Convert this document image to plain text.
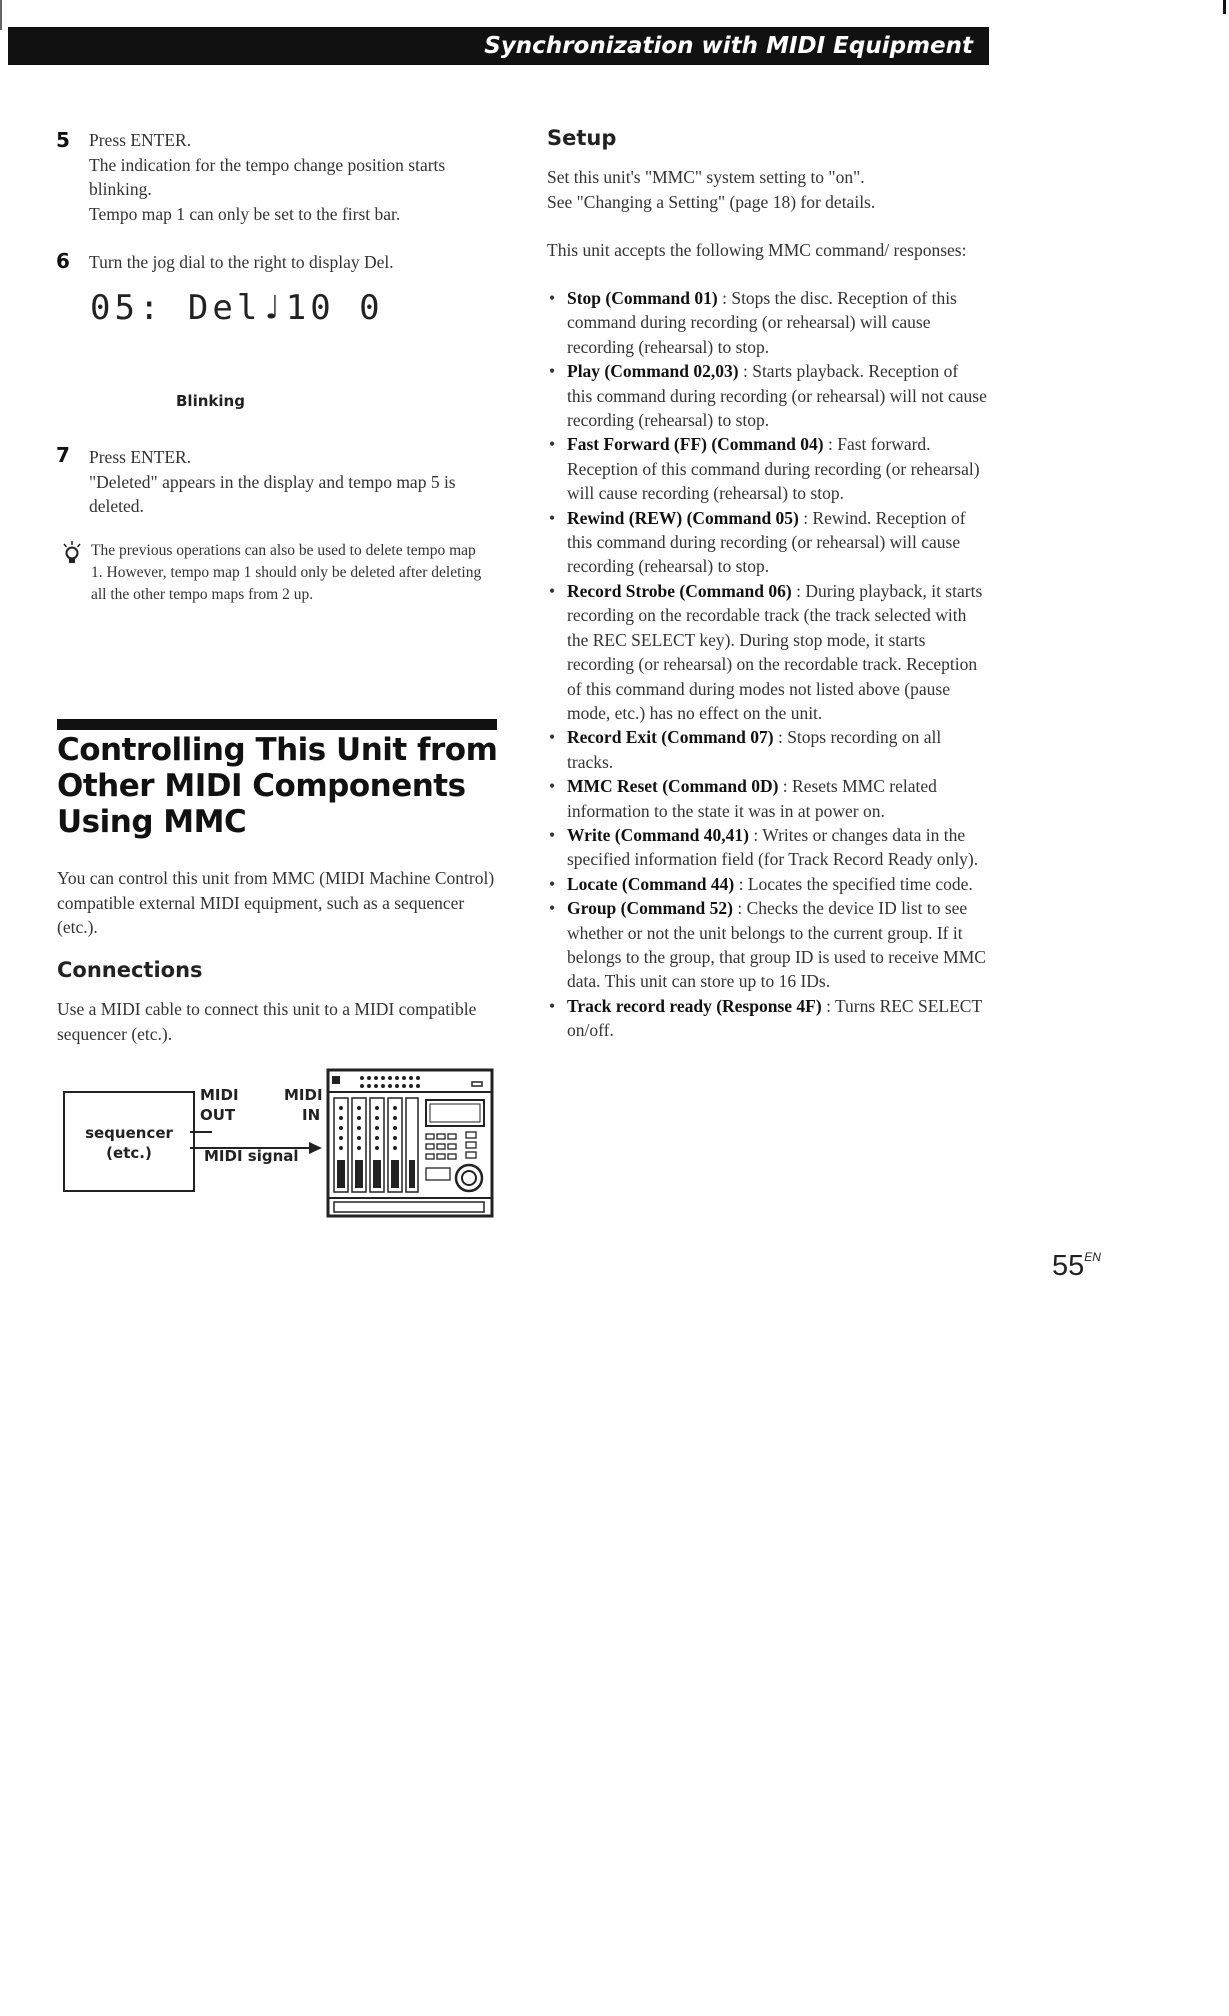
Synchronization with MIDI Equipment
5 Press ENTER.
The indication for the tempo change position starts blinking.
Tempo map 1 can only be set to the first bar.
6 Turn the jog dial to the right to display Del.
05: Del♩10 0
Blinking
7 Press ENTER.
"Deleted" appears in the display and tempo map 5 is deleted.
The previous operations can also be used to delete tempo map 1. However, tempo map 1 should only be deleted after deleting all the other tempo maps from 2 up.
Controlling This Unit from Other MIDI Components Using MMC
You can control this unit from MMC (MIDI Machine Control) compatible external MIDI equipment, such as a sequencer (etc.).
Connections
Use a MIDI cable to connect this unit to a MIDI compatible sequencer (etc.).
sequencer
(etc.)
MIDI
OUT
MIDI
IN
MIDI signal
Setup
Set this unit's "MMC" system setting to "on".
See "Changing a Setting" (page 18) for details.
This unit accepts the following MMC command/ responses:
• Stop (Command 01) : Stops the disc. Reception of this command during recording (or rehearsal) will cause recording (rehearsal) to stop.
• Play (Command 02,03) : Starts playback. Reception of this command during recording (or rehearsal) will not cause recording (rehearsal) to stop.
• Fast Forward (FF) (Command 04) : Fast forward. Reception of this command during recording (or rehearsal) will cause recording (rehearsal) to stop.
• Rewind (REW) (Command 05) : Rewind. Reception of this command during recording (or rehearsal) will cause recording (rehearsal) to stop.
• Record Strobe (Command 06) : During playback, it starts recording on the recordable track (the track selected with the REC SELECT key). During stop mode, it starts recording (or rehearsal) on the recordable track. Reception of this command during modes not listed above (pause mode, etc.) has no effect on the unit.
• Record Exit (Command 07) : Stops recording on all tracks.
• MMC Reset (Command 0D) : Resets MMC related information to the state it was in at power on.
• Write (Command 40,41) : Writes or changes data in the specified information field (for Track Record Ready only).
• Locate (Command 44) : Locates the specified time code.
• Group (Command 52) : Checks the device ID list to see whether or not the unit belongs to the current group. If it belongs to the group, that group ID is used to receive MMC data. This unit can store up to 16 IDs.
• Track record ready (Response 4F) : Turns REC SELECT on/off.
$55^{EN}$
